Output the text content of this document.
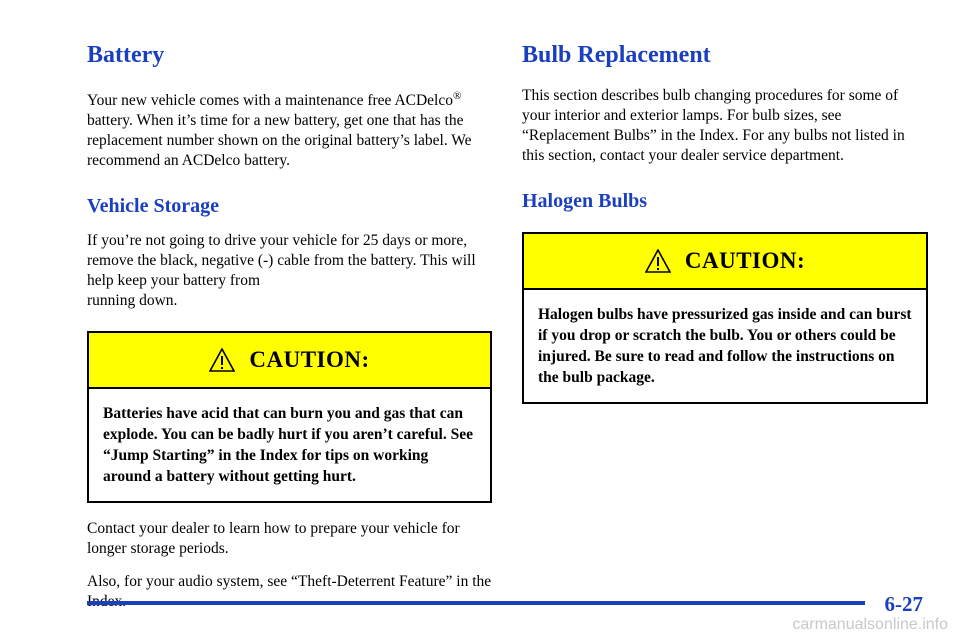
Battery

Your new vehicle comes with a maintenance free ACDelco® battery. When it’s time for a new battery, get one that has the replacement number shown on the original battery’s label. We recommend an ACDelco battery.

Vehicle Storage

If you’re not going to drive your vehicle for 25 days or more, remove the black, negative (-) cable from the battery. This will help keep your battery from
running down.

CAUTION:
Batteries have acid that can burn you and gas that can explode. You can be badly hurt if you aren’t careful. See “Jump Starting” in the Index for tips on working around a battery without getting hurt.

Contact your dealer to learn how to prepare your vehicle for longer storage periods.

Also, for your audio system, see “Theft-Deterrent Feature” in the

Bulb Replacement

This section describes bulb changing procedures for some of your interior and exterior lamps. For bulb sizes, see “Replacement Bulbs” in the Index. For any bulbs not listed in this section, contact your dealer service department.

Halogen Bulbs
CAUTION:
Halogen bulbs have pressurized gas inside and can burst if you drop or scratch the bulb. You or others could be injured. Be sure to read and follow the instructions on the bulb package.
6-27
carmanualsonline.info
